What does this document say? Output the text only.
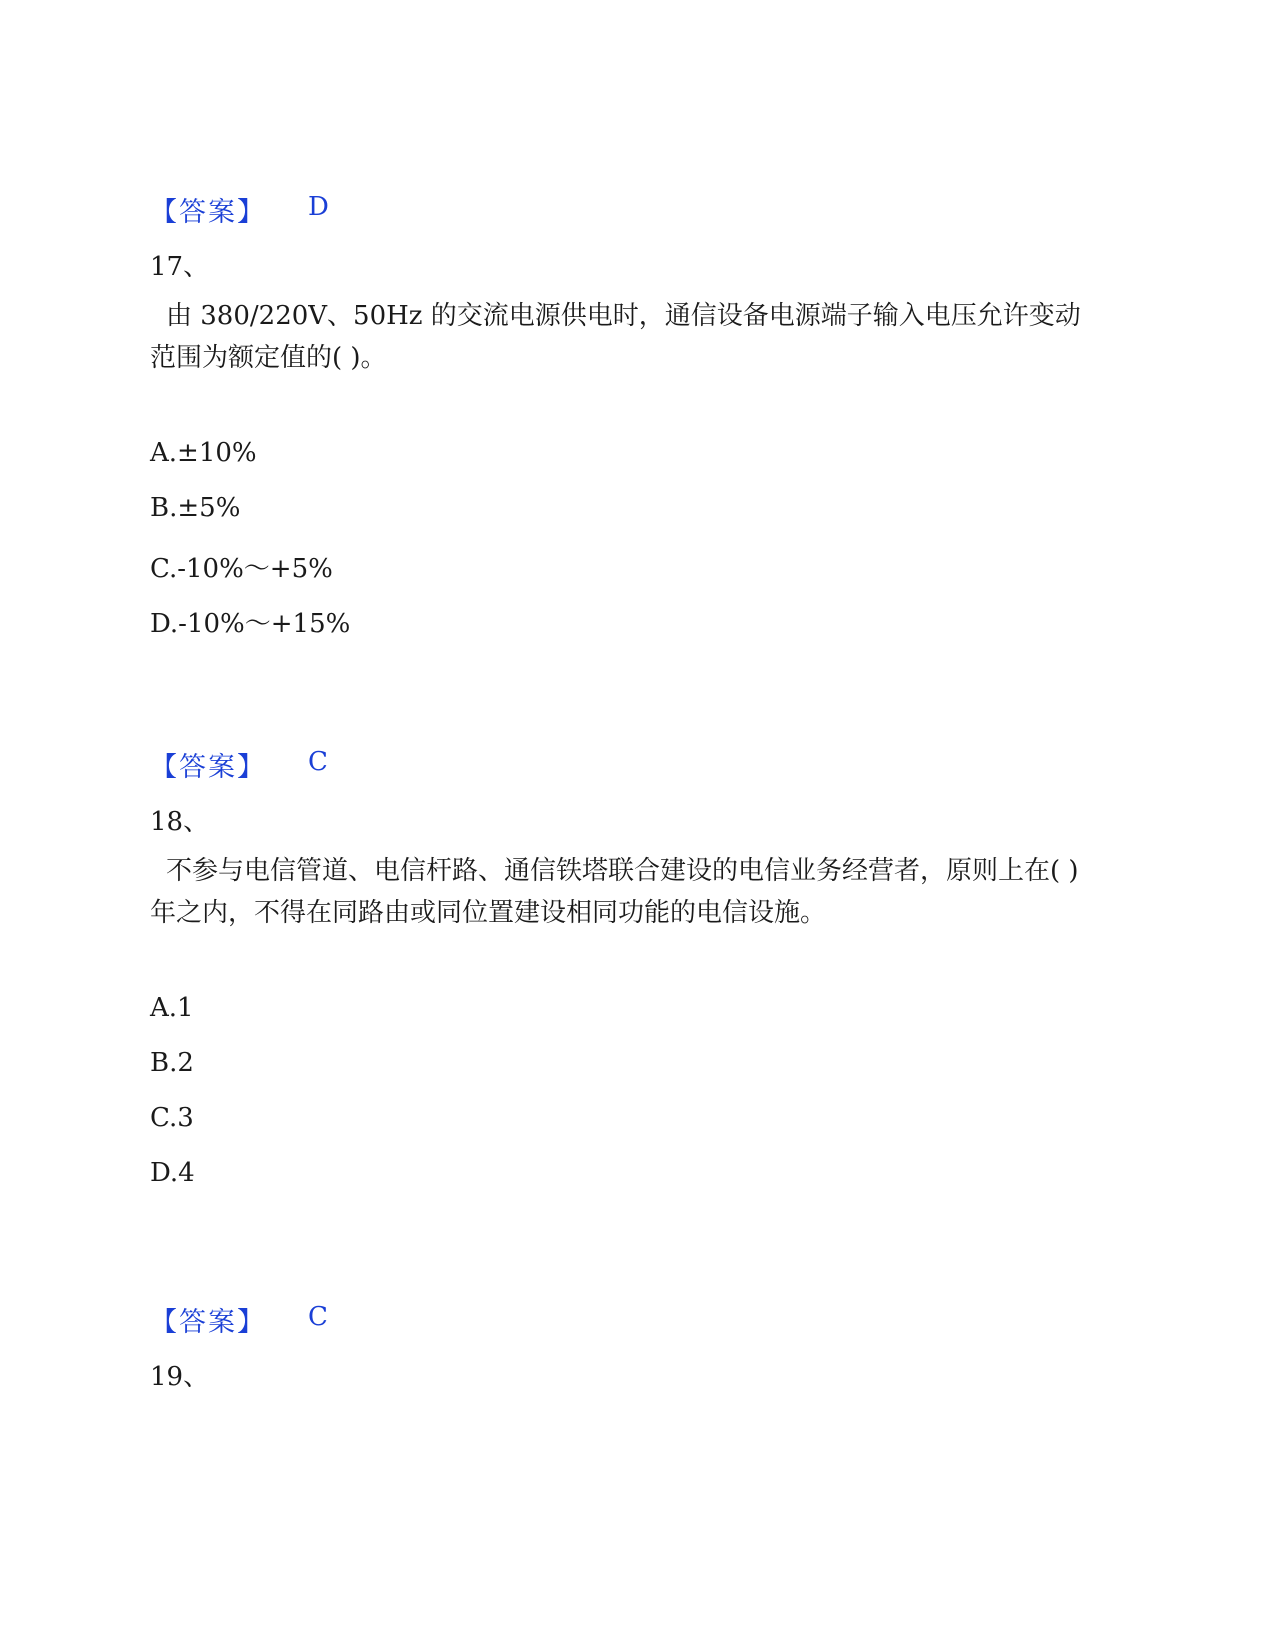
【答案】 D
17、
由 380/220V、50Hz 的交流电源供电时，通信设备电源端子输入电压允许变动范围为额定值的( )。
A.±10%
B.±5%
C.-10%～+5%
D.-10%～+15%
【答案】 C
18、
不参与电信管道、电信杆路、通信铁塔联合建设的电信业务经营者，原则上在( )年之内，不得在同路由或同位置建设相同功能的电信设施。
A.1
B.2
C.3
D.4
【答案】 C
19、
